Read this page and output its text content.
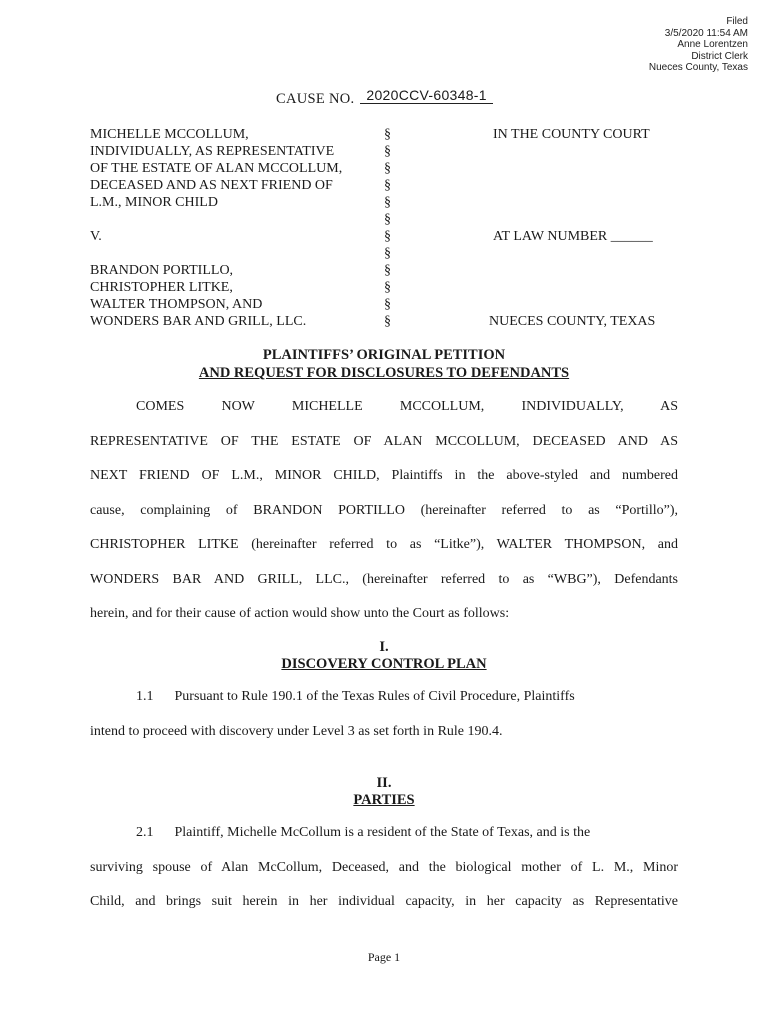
Filed
3/5/2020 11:54 AM
Anne Lorentzen
District Clerk
Nueces County, Texas
CAUSE NO. 2020CCV-60348-1
MICHELLE MCCOLLUM,
INDIVIDUALLY, AS REPRESENTATIVE
OF THE ESTATE OF ALAN MCCOLLUM,
DECEASED AND AS NEXT FRIEND OF
L.M., MINOR CHILD
V.
BRANDON PORTILLO,
CHRISTOPHER LITKE,
WALTER THOMPSON, AND
WONDERS BAR AND GRILL, LLC.
§
§
§
§
§
§
§
§
§
§
§
§
IN THE COUNTY COURT
AT LAW NUMBER ______
NUECES COUNTY, TEXAS
PLAINTIFFS’ ORIGINAL PETITION
AND REQUEST FOR DISCLOSURES TO DEFENDANTS
COMES NOW MICHELLE MCCOLLUM, INDIVIDUALLY, AS
REPRESENTATIVE OF THE ESTATE OF ALAN MCCOLLUM, DECEASED AND AS
NEXT FRIEND OF L.M., MINOR CHILD, Plaintiffs in the above-styled and numbered
cause, complaining of BRANDON PORTILLO (hereinafter referred to as “Portillo”),
CHRISTOPHER LITKE (hereinafter referred to as “Litke”), WALTER THOMPSON, and
WONDERS BAR AND GRILL, LLC., (hereinafter referred to as “WBG”), Defendants
herein, and for their cause of action would show unto the Court as follows:
I.
DISCOVERY CONTROL PLAN
1.1      Pursuant to Rule 190.1 of the Texas Rules of Civil Procedure, Plaintiffs
intend to proceed with discovery under Level 3 as set forth in Rule 190.4.
II.
PARTIES
2.1      Plaintiff, Michelle McCollum is a resident of the State of Texas, and is the
surviving spouse of Alan McCollum, Deceased, and the biological mother of L. M., Minor
Child, and brings suit herein in her individual capacity, in her capacity as Representative
Page 1
